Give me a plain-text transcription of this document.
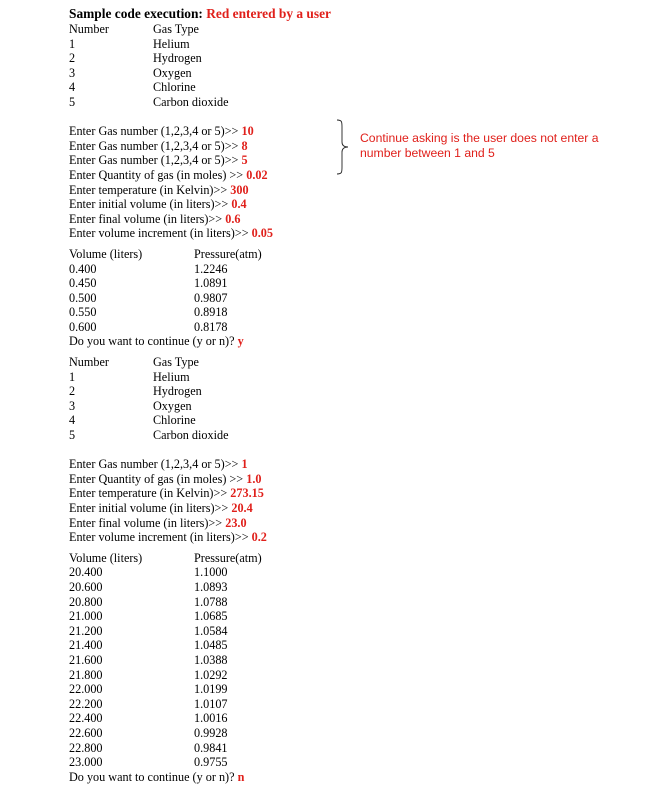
Sample code execution: Red entered by a user
Number	Gas Type
1	Helium
2	Hydrogen
3	Oxygen
4	Chlorine
5	Carbon dioxide
Enter Gas number (1,2,3,4 or 5)>> 10
Enter Gas number (1,2,3,4 or 5)>> 8
Enter Gas number (1,2,3,4 or 5)>> 5
Enter Quantity of gas (in moles) >> 0.02
Enter temperature (in Kelvin)>> 300
Enter initial volume (in liters)>> 0.4
Enter final volume (in liters)>> 0.6
Enter volume increment (in liters)>> 0.05
Volume (liters)	Pressure(atm)
0.400	1.2246
0.450	1.0891
0.500	0.9807
0.550	0.8918
0.600	0.8178
Do you want to continue (y or n)? y
Number	Gas Type
1	Helium
2	Hydrogen
3	Oxygen
4	Chlorine
5	Carbon dioxide
Enter Gas number (1,2,3,4 or 5)>> 1
Enter Quantity of gas (in moles) >> 1.0
Enter temperature (in Kelvin)>> 273.15
Enter initial volume (in liters)>> 20.4
Enter final volume (in liters)>> 23.0
Enter volume increment (in liters)>> 0.2
Volume (liters)	Pressure(atm)
20.400	1.1000
20.600	1.0893
20.800	1.0788
21.000	1.0685
21.200	1.0584
21.400	1.0485
21.600	1.0388
21.800	1.0292
22.000	1.0199
22.200	1.0107
22.400	1.0016
22.600	0.9928
22.800	0.9841
23.000	0.9755
Do you want to continue (y or n)? n
Continue asking is the user does not enter a number between 1 and 5
